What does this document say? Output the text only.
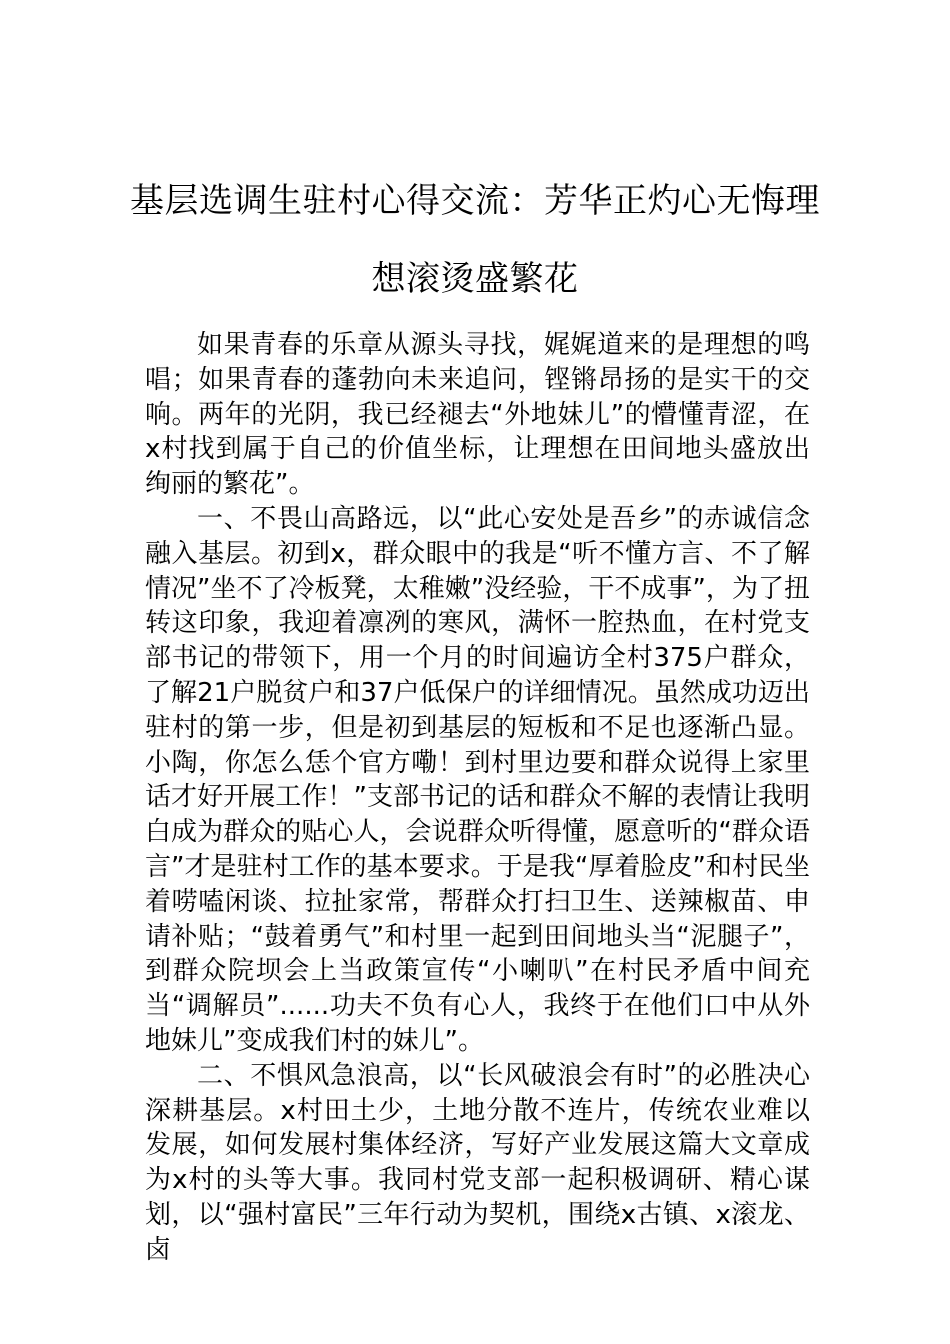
基层选调生驻村心得交流：芳华正灼心无悔理想滚烫盛繁花

如果青春的乐章从源头寻找，娓娓道来的是理想的鸣唱；如果青春的蓬勃向未来追问，铿锵昂扬的是实干的交响。两年的光阴，我已经褪去“外地妹儿”的懵懂青涩，在x村找到属于自己的价值坐标，让理想在田间地头盛放出绚丽的繁花”。

一、不畏山高路远，以“此心安处是吾乡”的赤诚信念融入基层。初到x，群众眼中的我是“听不懂方言、不了解情况”坐不了冷板凳，太稚嫩”没经验，干不成事”，为了扭转这印象，我迎着凛冽的寒风，满怀一腔热血，在村党支部书记的带领下，用一个月的时间遍访全村375户群众，了解21户脱贫户和37户低保户的详细情况。虽然成功迈出驻村的第一步，但是初到基层的短板和不足也逐渐凸显。小陶，你怎么恁个官方嘞！到村里边要和群众说得上家里话才好开展工作！”支部书记的话和群众不解的表情让我明白成为群众的贴心人，会说群众听得懂，愿意听的“群众语言”才是驻村工作的基本要求。于是我“厚着脸皮”和村民坐着唠嗑闲谈、拉扯家常，帮群众打扫卫生、送辣椒苗、申请补贴；“鼓着勇气”和村里一起到田间地头当“泥腿子”，到群众院坝会上当政策宣传“小喇叭”在村民矛盾中间充当“调解员”......功夫不负有心人，我终于在他们口中从外地妹儿”变成我们村的妹儿”。

二、不惧风急浪高，以“长风破浪会有时”的必胜决心深耕基层。x村田土少，土地分散不连片，传统农业难以发展，如何发展村集体经济，写好产业发展这篇大文章成为x村的头等大事。我同村党支部一起积极调研、精心谋划，以“强村富民”三年行动为契机，围绕x古镇、x滚龙、卤
